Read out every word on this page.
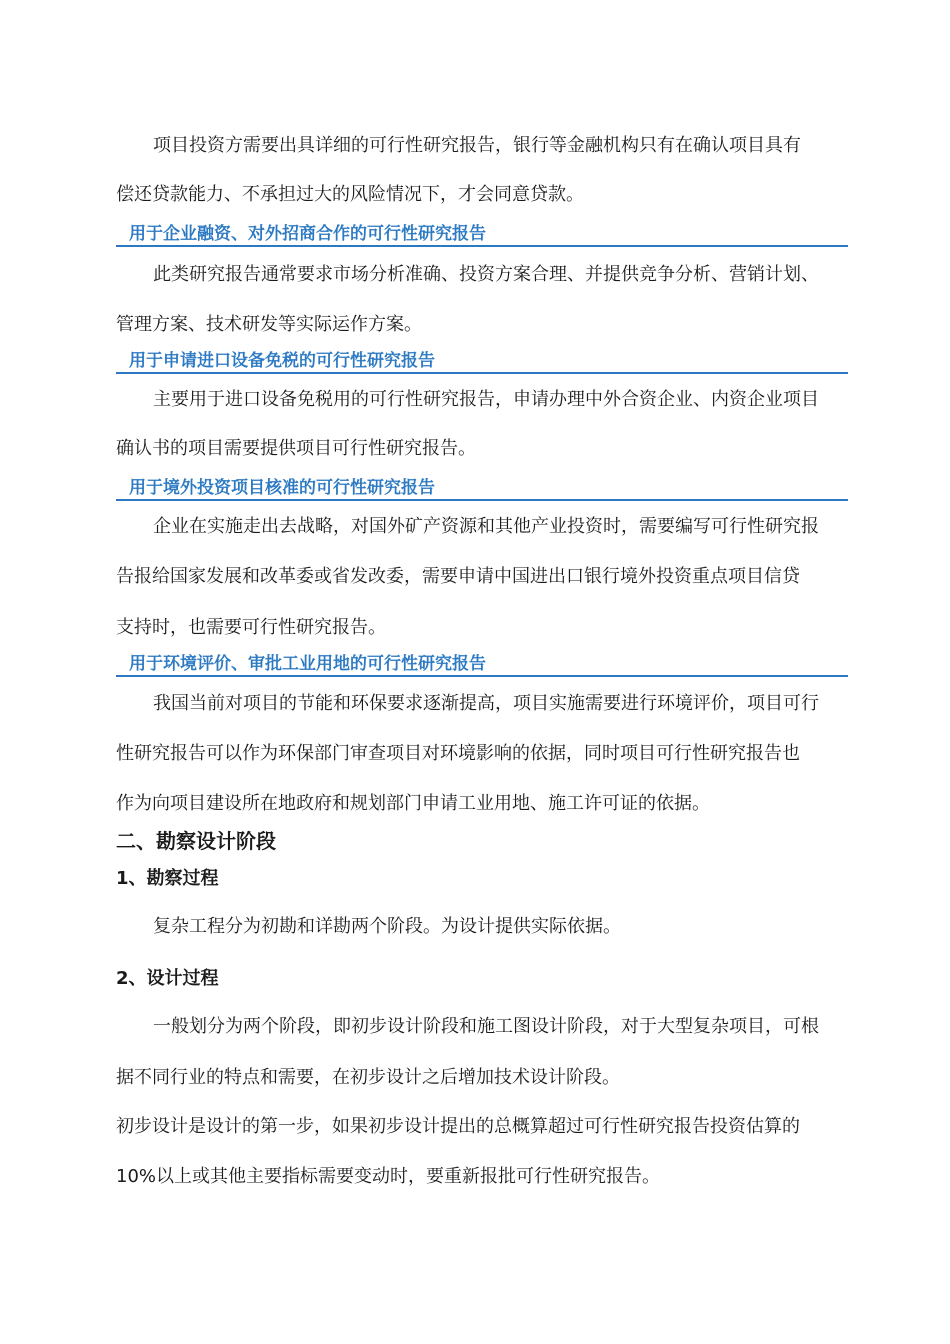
项目投资方需要出具详细的可行性研究报告，银行等金融机构只有在确认项目具有
偿还贷款能力、不承担过大的风险情况下，才会同意贷款。
用于企业融资、对外招商合作的可行性研究报告
此类研究报告通常要求市场分析准确、投资方案合理、并提供竞争分析、营销计划、
管理方案、技术研发等实际运作方案。
用于申请进口设备免税的可行性研究报告
主要用于进口设备免税用的可行性研究报告，申请办理中外合资企业、内资企业项目
确认书的项目需要提供项目可行性研究报告。
用于境外投资项目核准的可行性研究报告
企业在实施走出去战略，对国外矿产资源和其他产业投资时，需要编写可行性研究报
告报给国家发展和改革委或省发改委，需要申请中国进出口银行境外投资重点项目信贷
支持时，也需要可行性研究报告。
用于环境评价、审批工业用地的可行性研究报告
我国当前对项目的节能和环保要求逐渐提高，项目实施需要进行环境评价，项目可行
性研究报告可以作为环保部门审查项目对环境影响的依据，同时项目可行性研究报告也
作为向项目建设所在地政府和规划部门申请工业用地、施工许可证的依据。
二、勘察设计阶段
1、勘察过程
复杂工程分为初勘和详勘两个阶段。为设计提供实际依据。
2、设计过程
一般划分为两个阶段，即初步设计阶段和施工图设计阶段，对于大型复杂项目，可根
据不同行业的特点和需要，在初步设计之后增加技术设计阶段。
初步设计是设计的第一步，如果初步设计提出的总概算超过可行性研究报告投资估算的
10%以上或其他主要指标需要变动时，要重新报批可行性研究报告。
